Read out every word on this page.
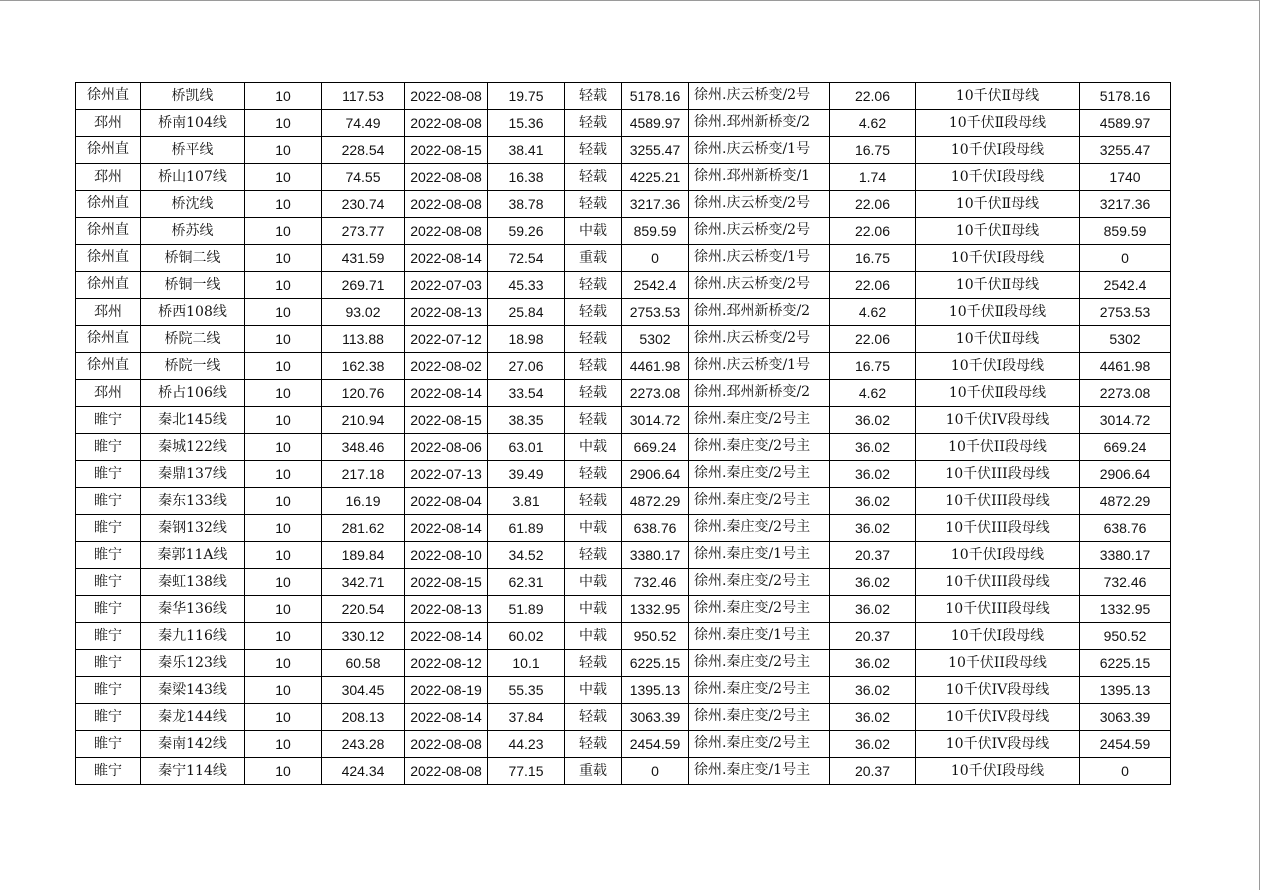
徐州直	桥凯线	10	117.53	2022-08-08	19.75	轻载	5178.16	徐州.庆云桥变/2号	22.06	10千伏Ⅱ母线	5178.16
邳州	桥南104线	10	74.49	2022-08-08	15.36	轻载	4589.97	徐州.邳州新桥变/2	4.62	10千伏Ⅱ段母线	4589.97
徐州直	桥平线	10	228.54	2022-08-15	38.41	轻载	3255.47	徐州.庆云桥变/1号	16.75	10千伏Ⅰ段母线	3255.47
邳州	桥山107线	10	74.55	2022-08-08	16.38	轻载	4225.21	徐州.邳州新桥变/1	1.74	10千伏Ⅰ段母线	1740
徐州直	桥沈线	10	230.74	2022-08-08	38.78	轻载	3217.36	徐州.庆云桥变/2号	22.06	10千伏Ⅱ母线	3217.36
徐州直	桥苏线	10	273.77	2022-08-08	59.26	中载	859.59	徐州.庆云桥变/2号	22.06	10千伏Ⅱ母线	859.59
徐州直	桥铜二线	10	431.59	2022-08-14	72.54	重载	0	徐州.庆云桥变/1号	16.75	10千伏Ⅰ段母线	0
徐州直	桥铜一线	10	269.71	2022-07-03	45.33	轻载	2542.4	徐州.庆云桥变/2号	22.06	10千伏Ⅱ母线	2542.4
邳州	桥西108线	10	93.02	2022-08-13	25.84	轻载	2753.53	徐州.邳州新桥变/2	4.62	10千伏Ⅱ段母线	2753.53
徐州直	桥院二线	10	113.88	2022-07-12	18.98	轻载	5302	徐州.庆云桥变/2号	22.06	10千伏Ⅱ母线	5302
徐州直	桥院一线	10	162.38	2022-08-02	27.06	轻载	4461.98	徐州.庆云桥变/1号	16.75	10千伏Ⅰ段母线	4461.98
邳州	桥占106线	10	120.76	2022-08-14	33.54	轻载	2273.08	徐州.邳州新桥变/2	4.62	10千伏Ⅱ段母线	2273.08
睢宁	秦北145线	10	210.94	2022-08-15	38.35	轻载	3014.72	徐州.秦庄变/2号主	36.02	10千伏IV段母线	3014.72
睢宁	秦城122线	10	348.46	2022-08-06	63.01	中载	669.24	徐州.秦庄变/2号主	36.02	10千伏II段母线	669.24
睢宁	秦鼎137线	10	217.18	2022-07-13	39.49	轻载	2906.64	徐州.秦庄变/2号主	36.02	10千伏III段母线	2906.64
睢宁	秦东133线	10	16.19	2022-08-04	3.81	轻载	4872.29	徐州.秦庄变/2号主	36.02	10千伏III段母线	4872.29
睢宁	秦钢132线	10	281.62	2022-08-14	61.89	中载	638.76	徐州.秦庄变/2号主	36.02	10千伏III段母线	638.76
睢宁	秦郭11A线	10	189.84	2022-08-10	34.52	轻载	3380.17	徐州.秦庄变/1号主	20.37	10千伏Ⅰ段母线	3380.17
睢宁	秦虹138线	10	342.71	2022-08-15	62.31	中载	732.46	徐州.秦庄变/2号主	36.02	10千伏III段母线	732.46
睢宁	秦华136线	10	220.54	2022-08-13	51.89	中载	1332.95	徐州.秦庄变/2号主	36.02	10千伏III段母线	1332.95
睢宁	秦九116线	10	330.12	2022-08-14	60.02	中载	950.52	徐州.秦庄变/1号主	20.37	10千伏Ⅰ段母线	950.52
睢宁	秦乐123线	10	60.58	2022-08-12	10.1	轻载	6225.15	徐州.秦庄变/2号主	36.02	10千伏II段母线	6225.15
睢宁	秦梁143线	10	304.45	2022-08-19	55.35	中载	1395.13	徐州.秦庄变/2号主	36.02	10千伏IV段母线	1395.13
睢宁	秦龙144线	10	208.13	2022-08-14	37.84	轻载	3063.39	徐州.秦庄变/2号主	36.02	10千伏IV段母线	3063.39
睢宁	秦南142线	10	243.28	2022-08-08	44.23	轻载	2454.59	徐州.秦庄变/2号主	36.02	10千伏IV段母线	2454.59
睢宁	秦宁114线	10	424.34	2022-08-08	77.15	重载	0	徐州.秦庄变/1号主	20.37	10千伏Ⅰ段母线	0
